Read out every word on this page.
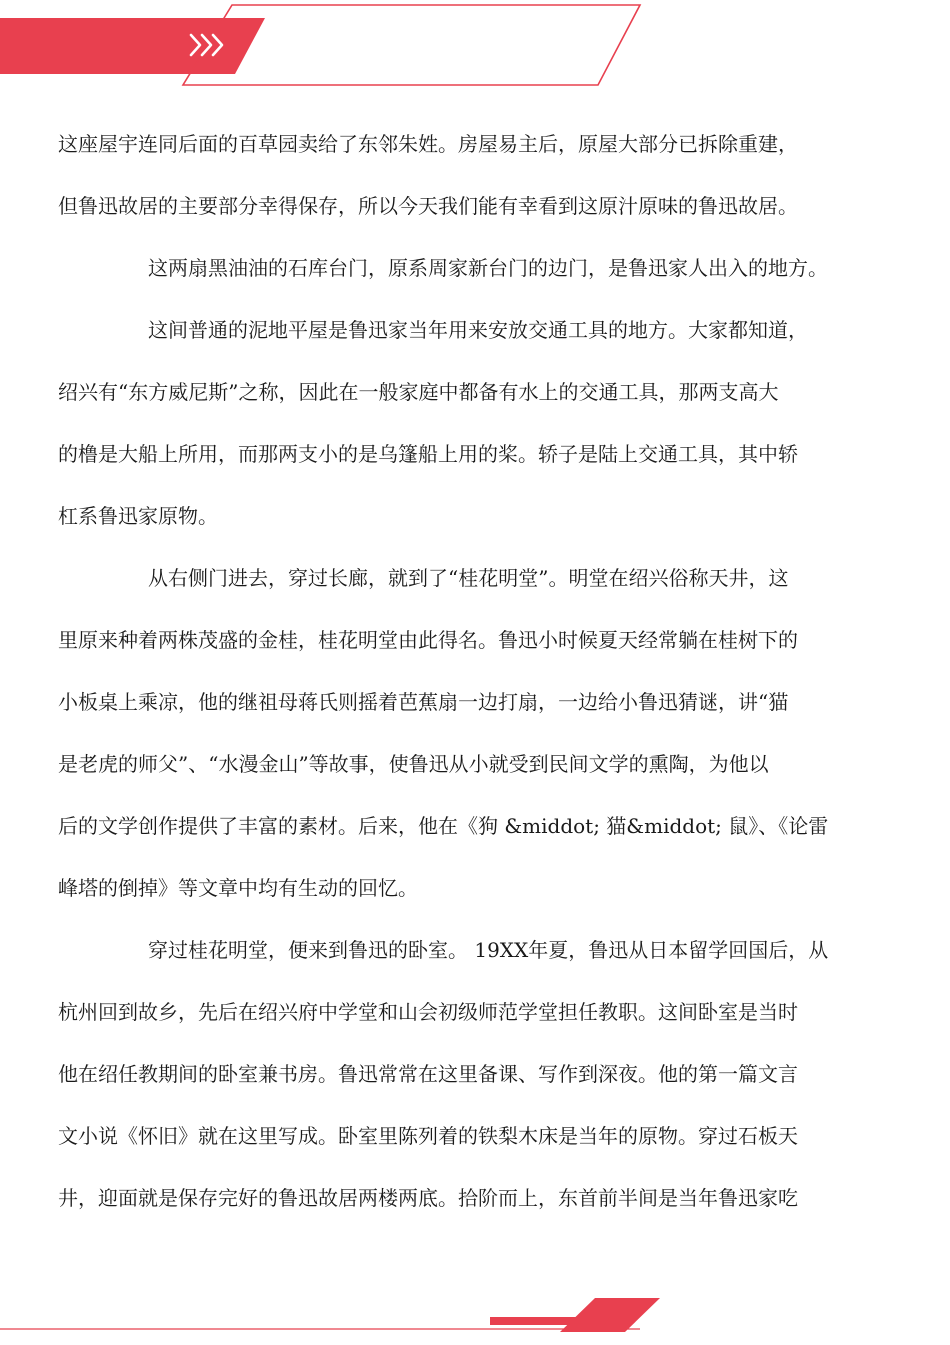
这座屋宇连同后面的百草园卖给了东邻朱姓。房屋易主后，原屋大部分已拆除重建，
但鲁迅故居的主要部分幸得保存，所以今天我们能有幸看到这原汁原味的鲁迅故居。
这两扇黑油油的石库台门，原系周家新台门的边门，是鲁迅家人出入的地方。
这间普通的泥地平屋是鲁迅家当年用来安放交通工具的地方。大家都知道，
绍兴有“东方威尼斯”之称，因此在一般家庭中都备有水上的交通工具，那两支高大
的橹是大船上所用，而那两支小的是乌篷船上用的桨。轿子是陆上交通工具，其中轿
杠系鲁迅家原物。
从右侧门进去，穿过长廊，就到了“桂花明堂”。明堂在绍兴俗称天井，这
里原来种着两株茂盛的金桂，桂花明堂由此得名。鲁迅小时候夏天经常躺在桂树下的
小板桌上乘凉，他的继祖母蒋氏则摇着芭蕉扇一边打扇，一边给小鲁迅猜谜，讲“猫
是老虎的师父”、“水漫金山”等故事，使鲁迅从小就受到民间文学的熏陶，为他以
后的文学创作提供了丰富的素材。后来，他在《狗 &middot; 猫&middot; 鼠》、《论雷
峰塔的倒掉》等文章中均有生动的回忆。
穿过桂花明堂，便来到鲁迅的卧室。 19XX年夏，鲁迅从日本留学回国后，从
杭州回到故乡，先后在绍兴府中学堂和山会初级师范学堂担任教职。这间卧室是当时
他在绍任教期间的卧室兼书房。鲁迅常常在这里备课、写作到深夜。他的第一篇文言
文小说《怀旧》就在这里写成。卧室里陈列着的铁梨木床是当年的原物。穿过石板天
井，迎面就是保存完好的鲁迅故居两楼两底。拾阶而上，东首前半间是当年鲁迅家吃
